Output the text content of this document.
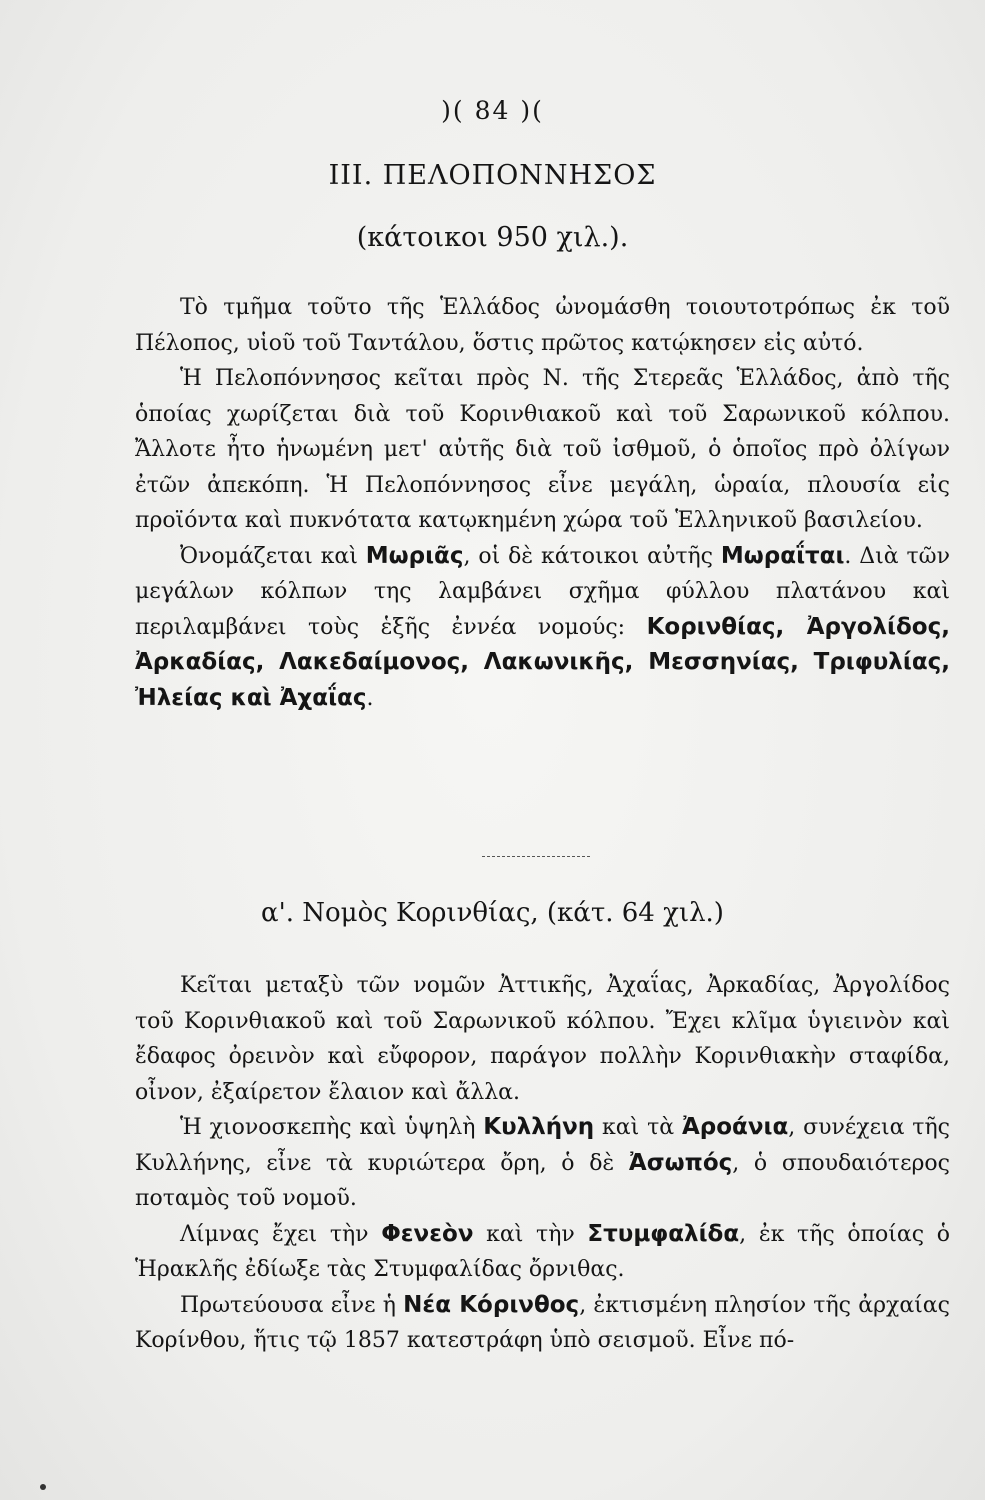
)( 84 )(
III. ΠΕΛΟΠΟΝΝΗΣΟΣ
(κάτοικοι 950 χιλ.).

Τὸ τμῆμα τοῦτο τῆς Ἑλλάδος ὠνομάσθη τοιουτοτρόπως ἐκ τοῦ Πέλοπος, υἱοῦ τοῦ Ταντάλου, ὅστις πρῶτος κατῴκησεν εἰς αὐτό.

Ἡ Πελοπόννησος κεῖται πρὸς Ν. τῆς Στερεᾶς Ἑλλάδος, ἀπὸ τῆς ὁποίας χωρίζεται διὰ τοῦ Κορινθιακοῦ καὶ τοῦ Σαρωνικοῦ κόλπου. Ἄλλοτε ἦτο ἡνωμένη μετ' αὐτῆς διὰ τοῦ ἰσθμοῦ, ὁ ὁποῖος πρὸ ὀλίγων ἐτῶν ἀπεκόπη. Ἡ Πελοπόννησος εἶνε μεγάλη, ὡραία, πλουσία εἰς προϊόντα καὶ πυκνότατα κατῳκημένη χώρα τοῦ Ἑλληνικοῦ βασιλείου.

Ὀνομάζεται καὶ Μωριᾶς, οἱ δὲ κάτοικοι αὐτῆς Μωραΐται. Διὰ τῶν μεγάλων κόλπων της λαμβάνει σχῆμα φύλλου πλατάνου καὶ περιλαμβάνει τοὺς ἑξῆς ἐννέα νομούς: Κορινθίας, Ἀργολίδος, Ἀρκαδίας, Λακεδαίμονος, Λακωνικῆς, Μεσσηνίας, Τριφυλίας, Ἠλείας καὶ Ἀχαΐας.

α'. Νομὸς Κορινθίας, (κάτ. 64 χιλ.)

Κεῖται μεταξὺ τῶν νομῶν Ἀττικῆς, Ἀχαΐας, Ἀρκαδίας, Ἀργολίδος τοῦ Κορινθιακοῦ καὶ τοῦ Σαρωνικοῦ κόλπου. Ἔχει κλῖμα ὑγιεινὸν καὶ ἔδαφος ὀρεινὸν καὶ εὔφορον, παράγον πολλὴν Κορινθιακὴν σταφίδα, οἶνον, ἐξαίρετον ἔλαιον καὶ ἄλλα.

Ἡ χιονοσκεπὴς καὶ ὑψηλὴ Κυλλήνη καὶ τὰ Ἀροάνια, συνέχεια τῆς Κυλλήνης, εἶνε τὰ κυριώτερα ὄρη, ὁ δὲ Ἀσωπός, ὁ σπουδαιότερος ποταμὸς τοῦ νομοῦ.

Λίμνας ἔχει τὴν Φενεὸν καὶ τὴν Στυμφαλίδα, ἐκ τῆς ὁποίας ὁ Ἡρακλῆς ἐδίωξε τὰς Στυμφαλίδας ὄρνιθας.

Πρωτεύουσα εἶνε ἡ Νέα Κόρινθος, ἐκτισμένη πλησίον τῆς ἀρχαίας Κορίνθου, ἥτις τῷ 1857 κατεστράφη ὑπὸ σεισμοῦ. Εἶνε πό-
